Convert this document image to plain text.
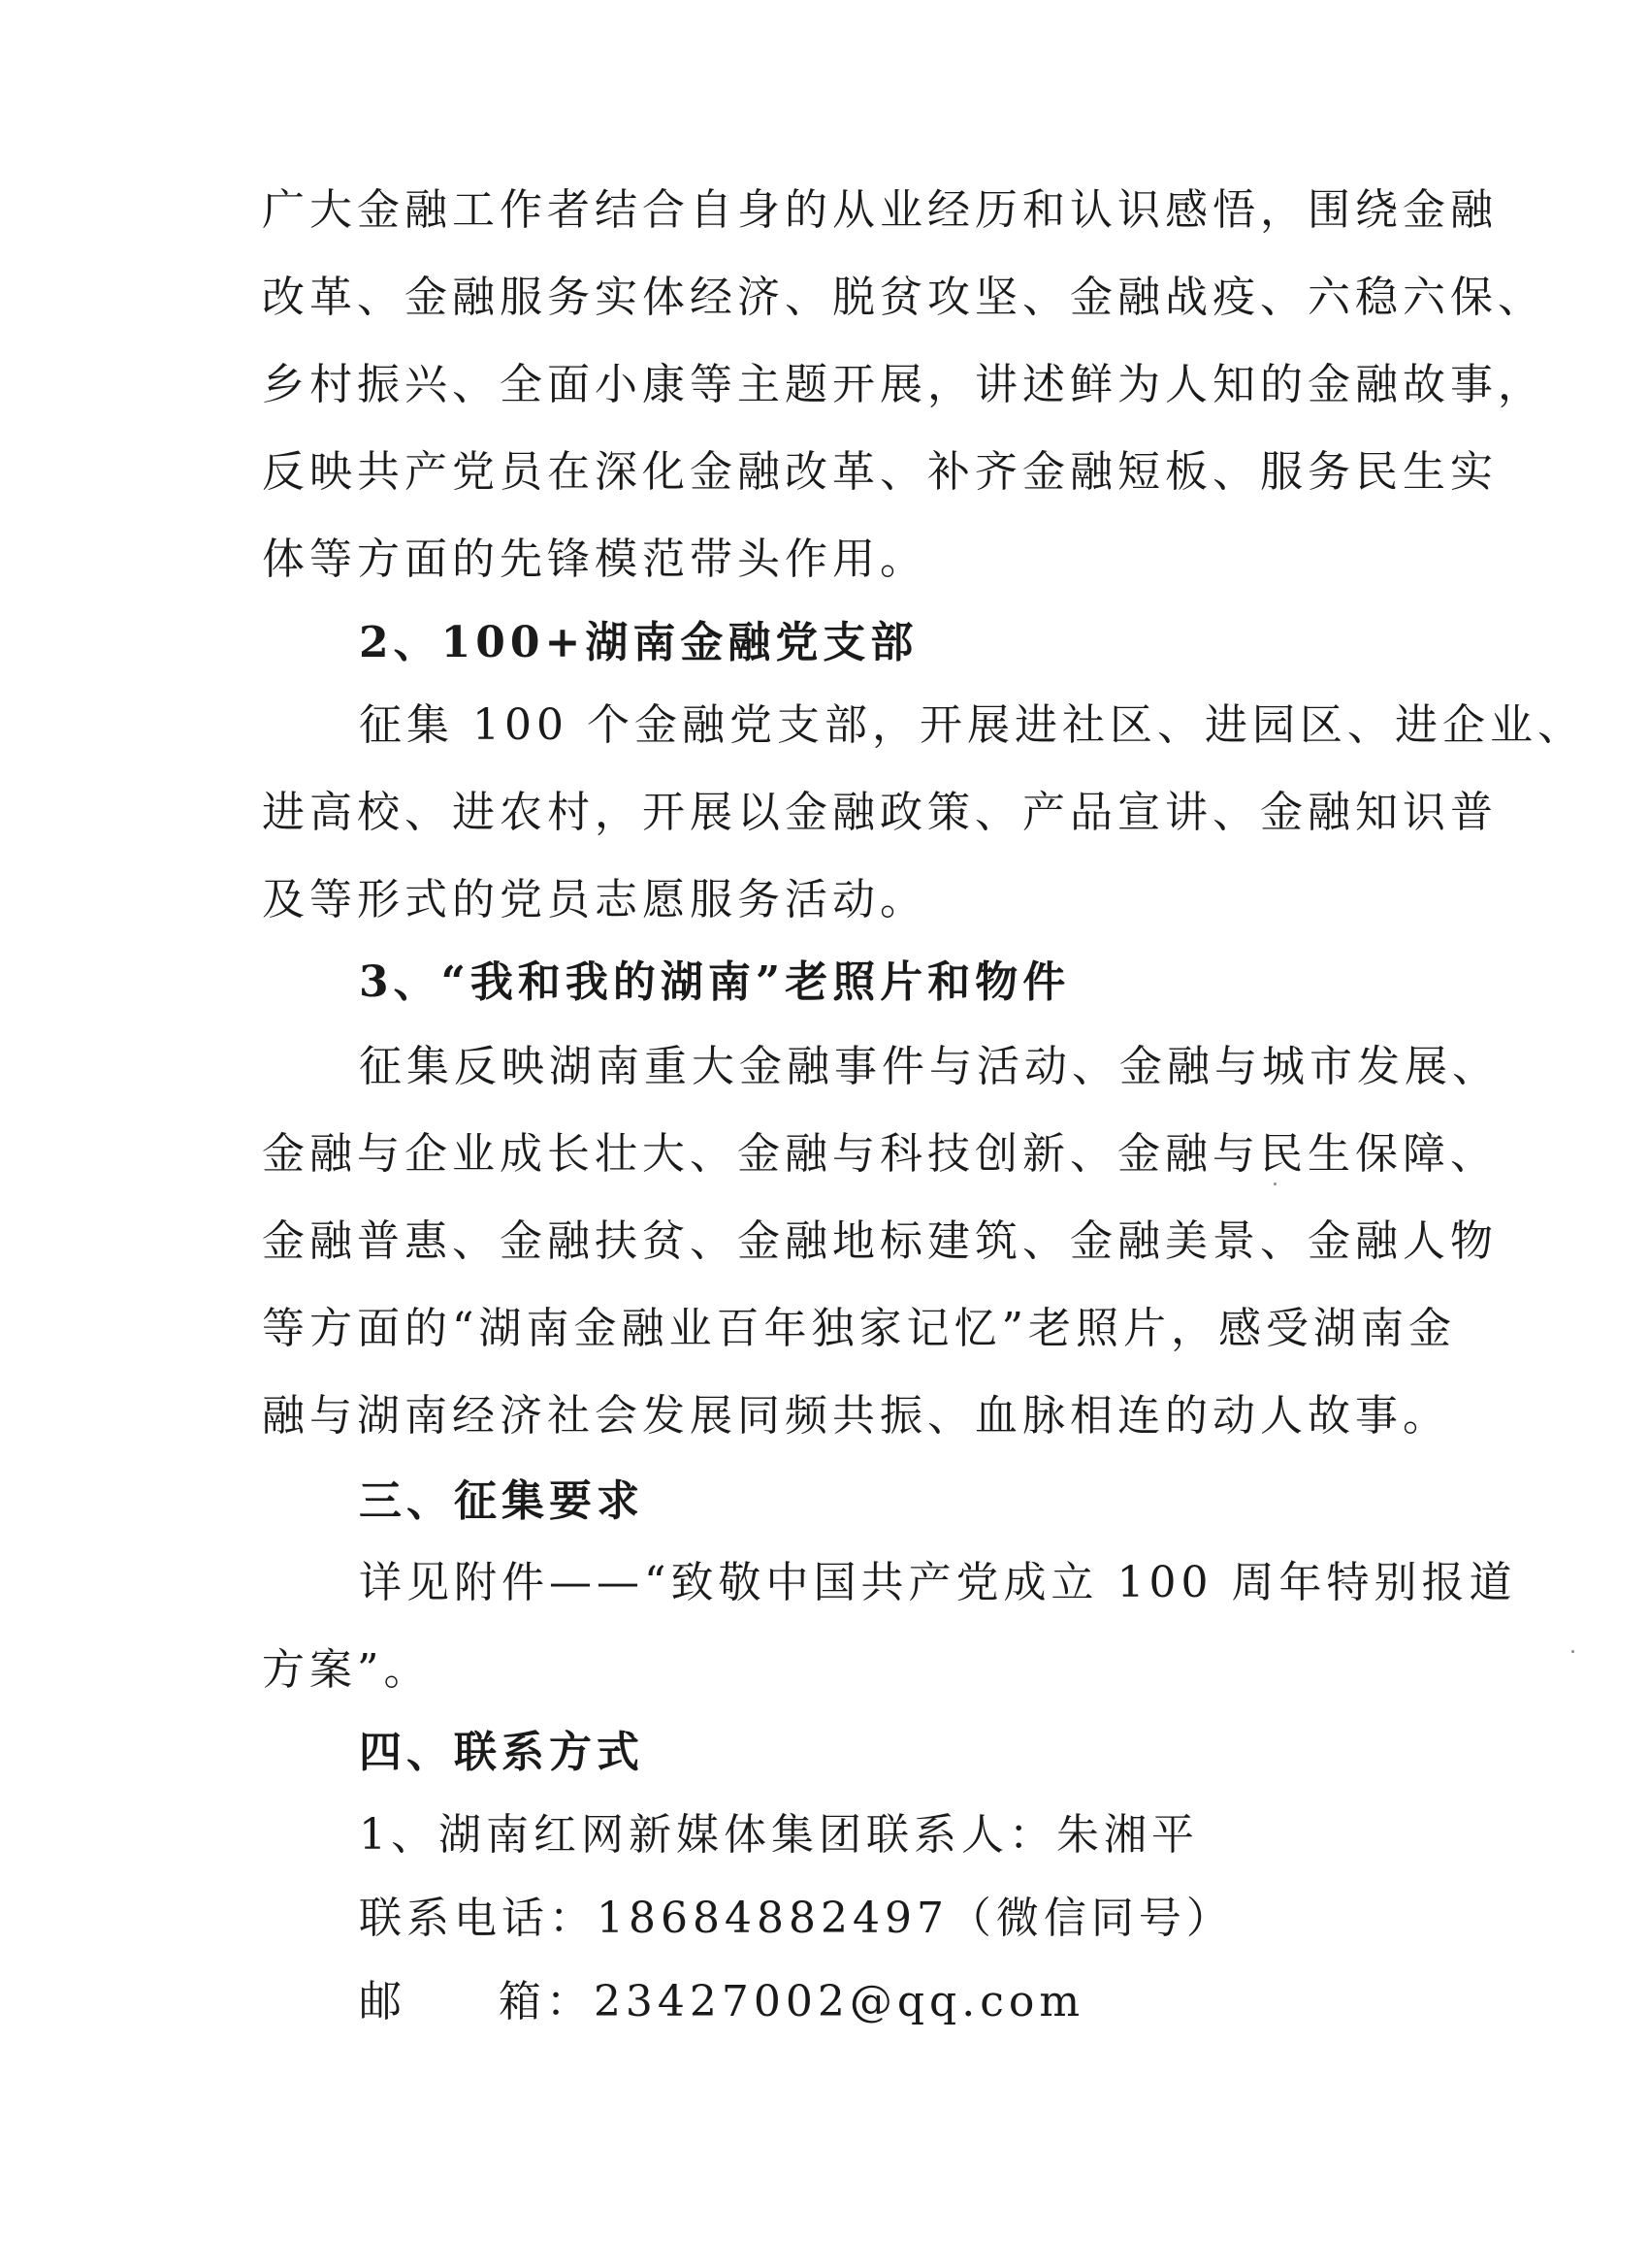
广大金融工作者结合自身的从业经历和认识感悟，围绕金融
改革、金融服务实体经济、脱贫攻坚、金融战疫、六稳六保、
乡村振兴、全面小康等主题开展，讲述鲜为人知的金融故事，
反映共产党员在深化金融改革、补齐金融短板、服务民生实
体等方面的先锋模范带头作用。
2、100+湖南金融党支部
征集 100 个金融党支部，开展进社区、进园区、进企业、
进高校、进农村，开展以金融政策、产品宣讲、金融知识普
及等形式的党员志愿服务活动。
3、“我和我的湖南”老照片和物件
征集反映湖南重大金融事件与活动、金融与城市发展、
金融与企业成长壮大、金融与科技创新、金融与民生保障、
金融普惠、金融扶贫、金融地标建筑、金融美景、金融人物
等方面的“湖南金融业百年独家记忆”老照片，感受湖南金
融与湖南经济社会发展同频共振、血脉相连的动人故事。
三、征集要求
详见附件——“致敬中国共产党成立 100 周年特别报道
方案”。
四、联系方式
1、湖南红网新媒体集团联系人：朱湘平
联系电话：18684882497（微信同号）
邮     箱：23427002@qq.com
